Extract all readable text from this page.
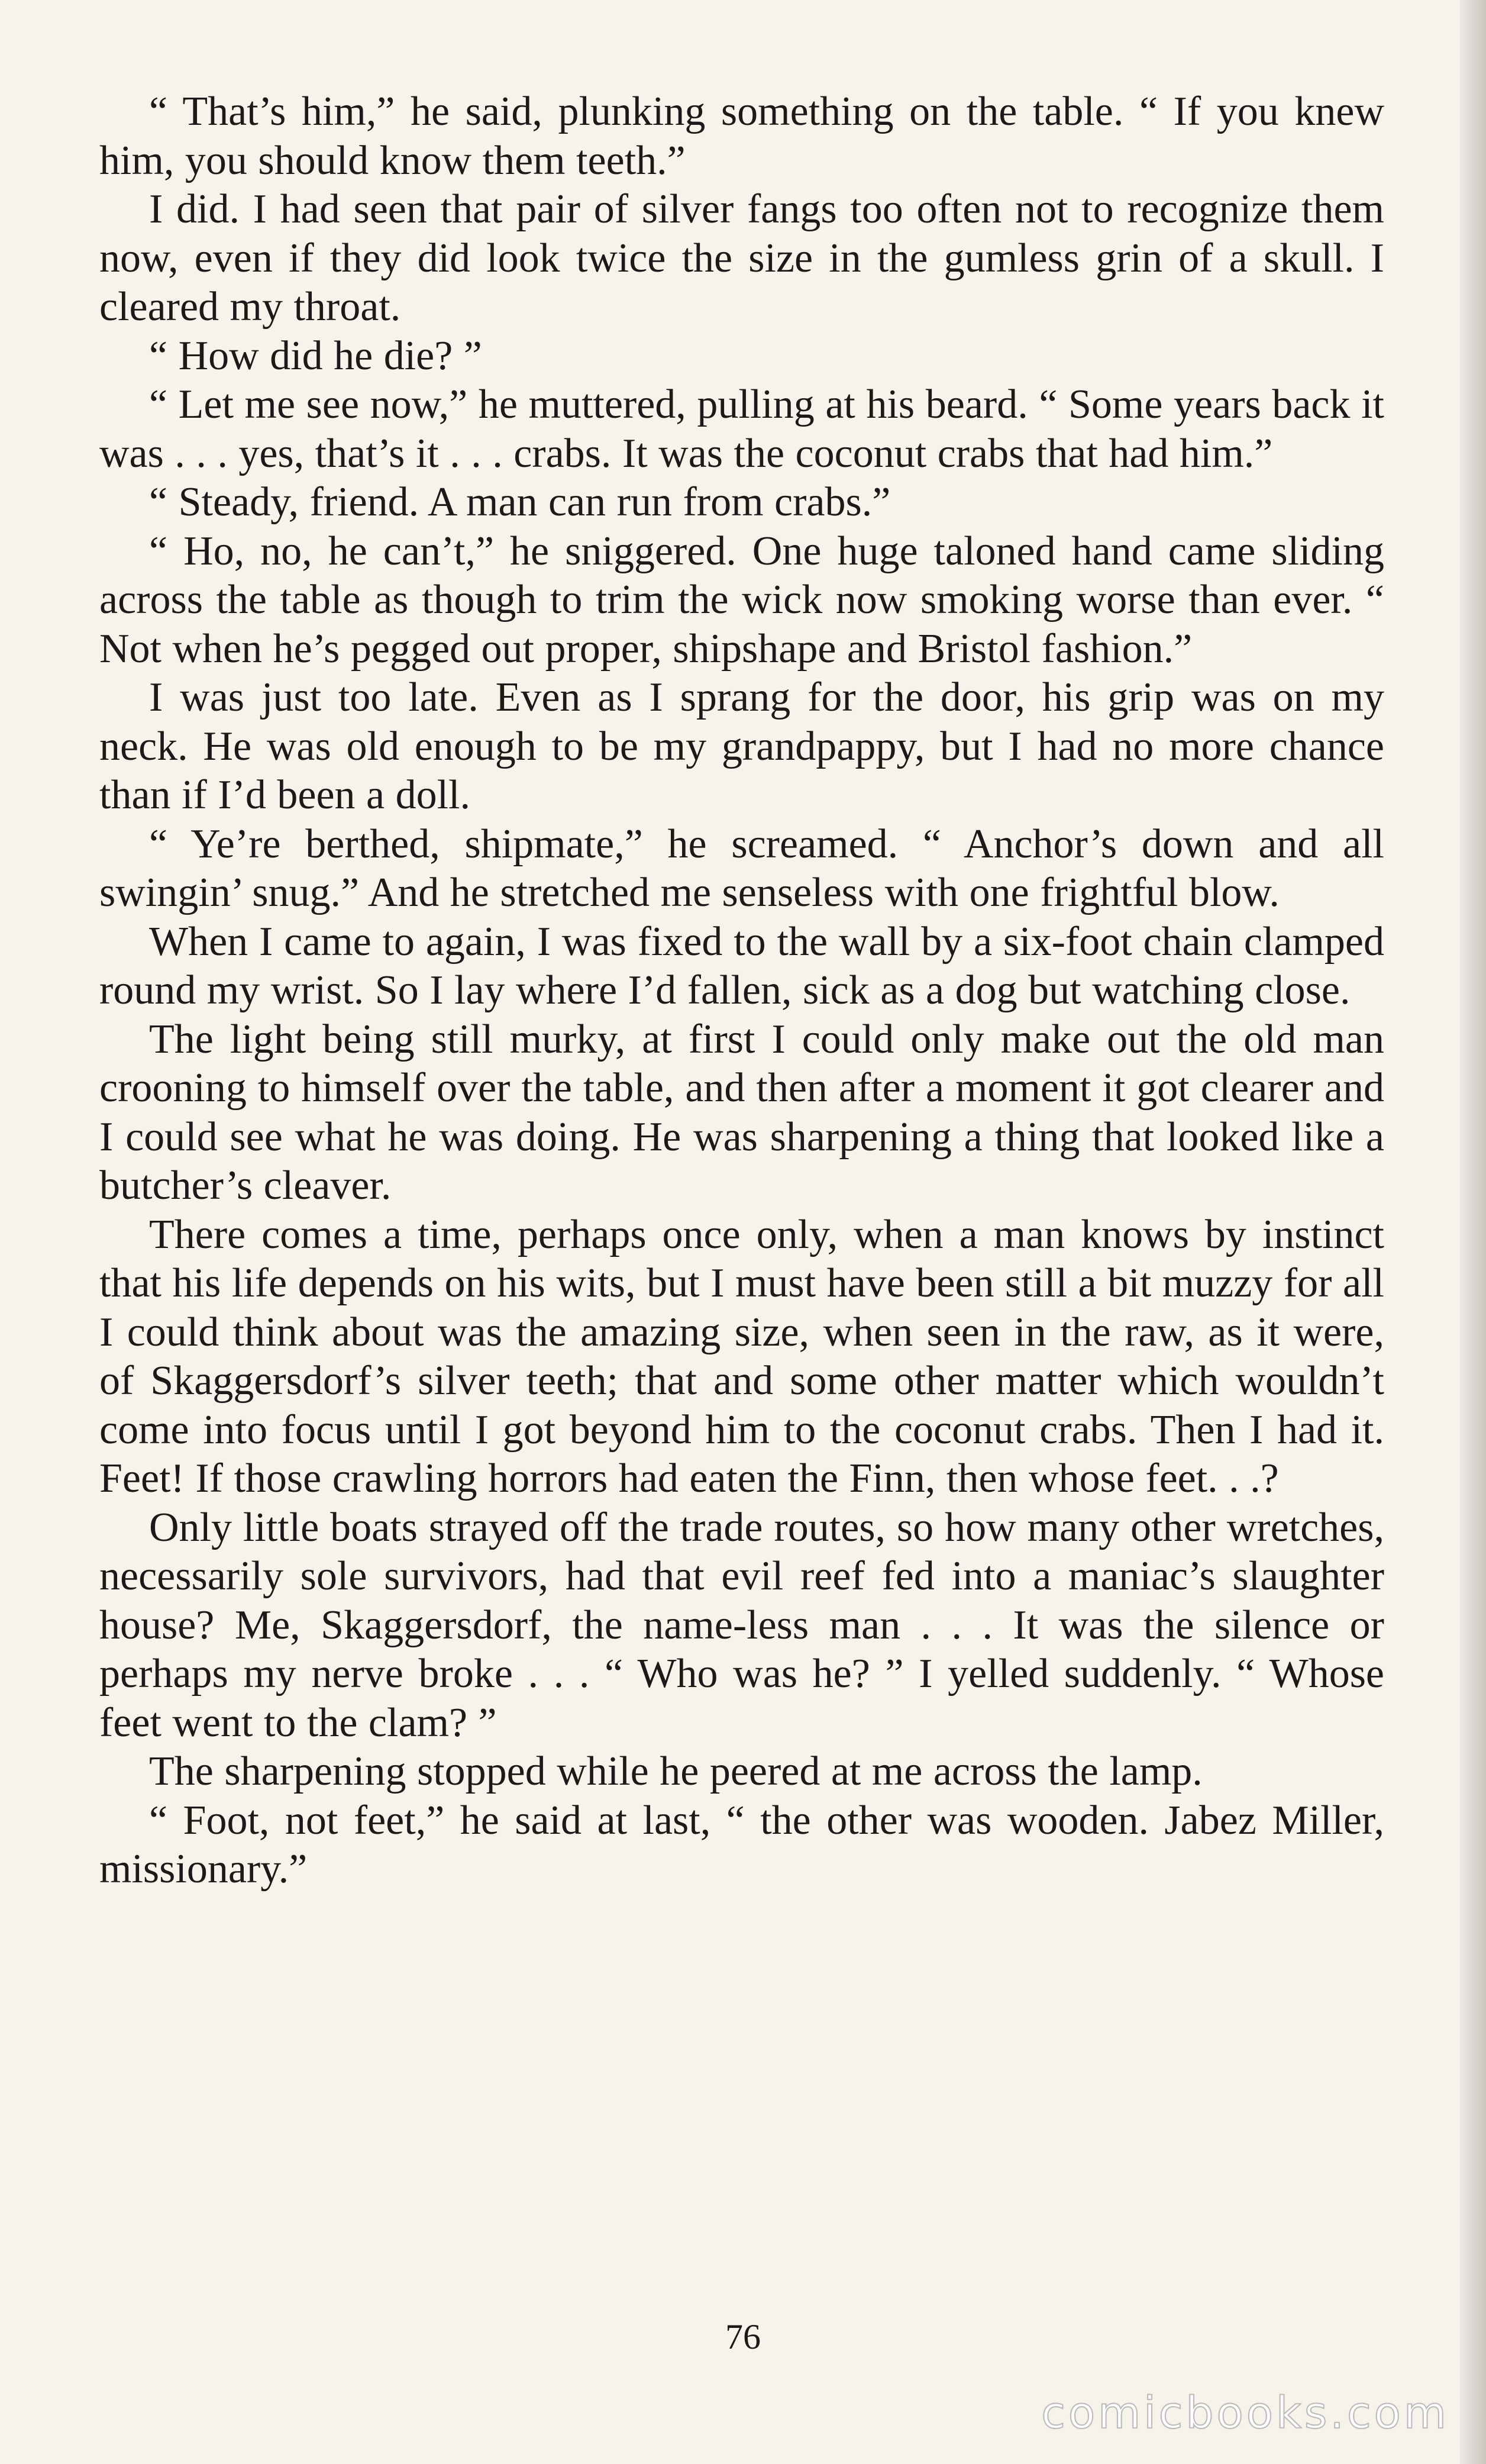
“ That’s him,” he said, plunking something on the table. “ If you knew him, you should know them teeth.”

I did. I had seen that pair of silver fangs too often not to recognize them now, even if they did look twice the size in the gumless grin of a skull. I cleared my throat.

“ How did he die? ”

“ Let me see now,” he muttered, pulling at his beard. “ Some years back it was . . . yes, that’s it . . . crabs. It was the coconut crabs that had him.”

“ Steady, friend. A man can run from crabs.”

“ Ho, no, he can’t,” he sniggered. One huge taloned hand came sliding across the table as though to trim the wick now smoking worse than ever. “ Not when he’s pegged out proper, shipshape and Bristol fashion.”

I was just too late. Even as I sprang for the door, his grip was on my neck. He was old enough to be my grandpappy, but I had no more chance than if I’d been a doll.

“ Ye’re berthed, shipmate,” he screamed. “ Anchor’s down and all swingin’ snug.” And he stretched me senseless with one frightful blow.

When I came to again, I was fixed to the wall by a six-foot chain clamped round my wrist. So I lay where I’d fallen, sick as a dog but watching close.

The light being still murky, at first I could only make out the old man crooning to himself over the table, and then after a moment it got clearer and I could see what he was doing. He was sharpening a thing that looked like a butcher’s cleaver.

There comes a time, perhaps once only, when a man knows by instinct that his life depends on his wits, but I must have been still a bit muzzy for all I could think about was the amazing size, when seen in the raw, as it were, of Skaggersdorf’s silver teeth; that and some other matter which wouldn’t come into focus until I got beyond him to the coconut crabs. Then I had it. Feet! If those crawling horrors had eaten the Finn, then whose feet. . .?

Only little boats strayed off the trade routes, so how many other wretches, necessarily sole survivors, had that evil reef fed into a maniac’s slaughter house? Me, Skaggersdorf, the name-less man . . . It was the silence or perhaps my nerve broke . . . “ Who was he? ” I yelled suddenly. “ Whose feet went to the clam? ”

The sharpening stopped while he peered at me across the lamp.

“ Foot, not feet,” he said at last, “ the other was wooden. Jabez Miller, missionary.”

76
comicbooks.com
